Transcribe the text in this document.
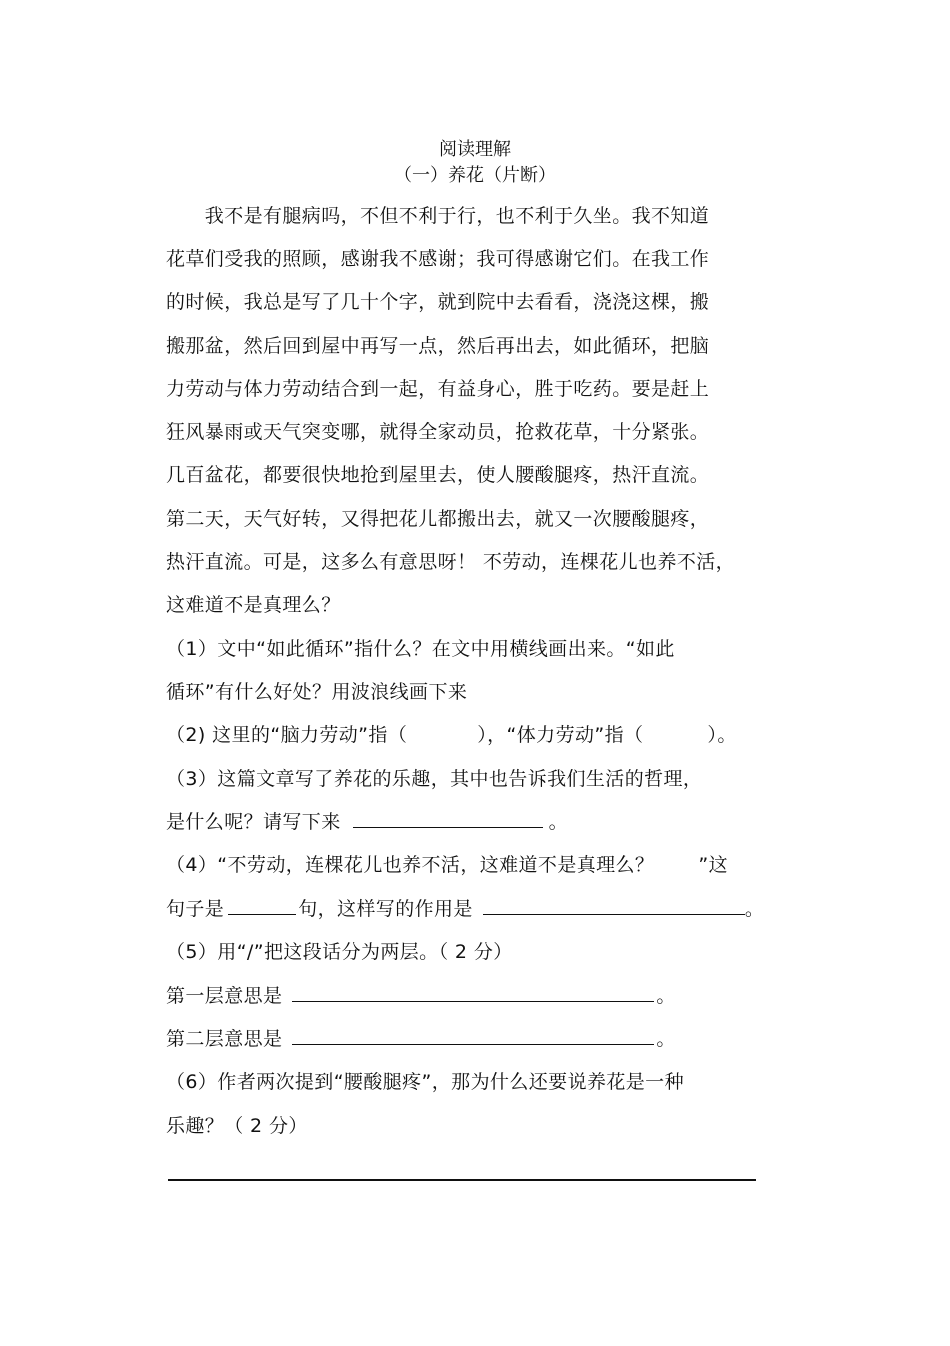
阅读理解
（一）养花（片断）
　　我不是有腿病吗，不但不利于行，也不利于久坐。我不知道
花草们受我的照顾，感谢我不感谢；我可得感谢它们。在我工作
的时候，我总是写了几十个字，就到院中去看看，浇浇这棵，搬
搬那盆，然后回到屋中再写一点，然后再出去，如此循环，把脑
力劳动与体力劳动结合到一起，有益身心，胜于吃药。要是赶上
狂风暴雨或天气突变哪，就得全家动员，抢救花草，十分紧张。
几百盆花，都要很快地抢到屋里去，使人腰酸腿疼，热汗直流。
第二天，天气好转，又得把花儿都搬出去，就又一次腰酸腿疼，
热汗直流。可是，这多么有意思呀！ 不劳动，连棵花儿也养不活，
这难道不是真理么？
（1）文中“如此循环”指什么？在文中用横线画出来。“如此
循环”有什么好处？用波浪线画下来
（2) 这里的“脑力劳动”指（	），“体力劳动”指（	）。
（3）这篇文章写了养花的乐趣，其中也告诉我们生活的哲理，
是什么呢？请写下来	。
（4）“不劳动，连棵花儿也养不活，这难道不是真理么？ ”这
句子是	句，这样写的作用是	。
（5）用“/”把这段话分为两层。（ 2 分）
第一层意思是	。
第二层意思是	。
（6）作者两次提到“腰酸腿疼”，那为什么还要说养花是一种
乐趣？（ 2 分）
